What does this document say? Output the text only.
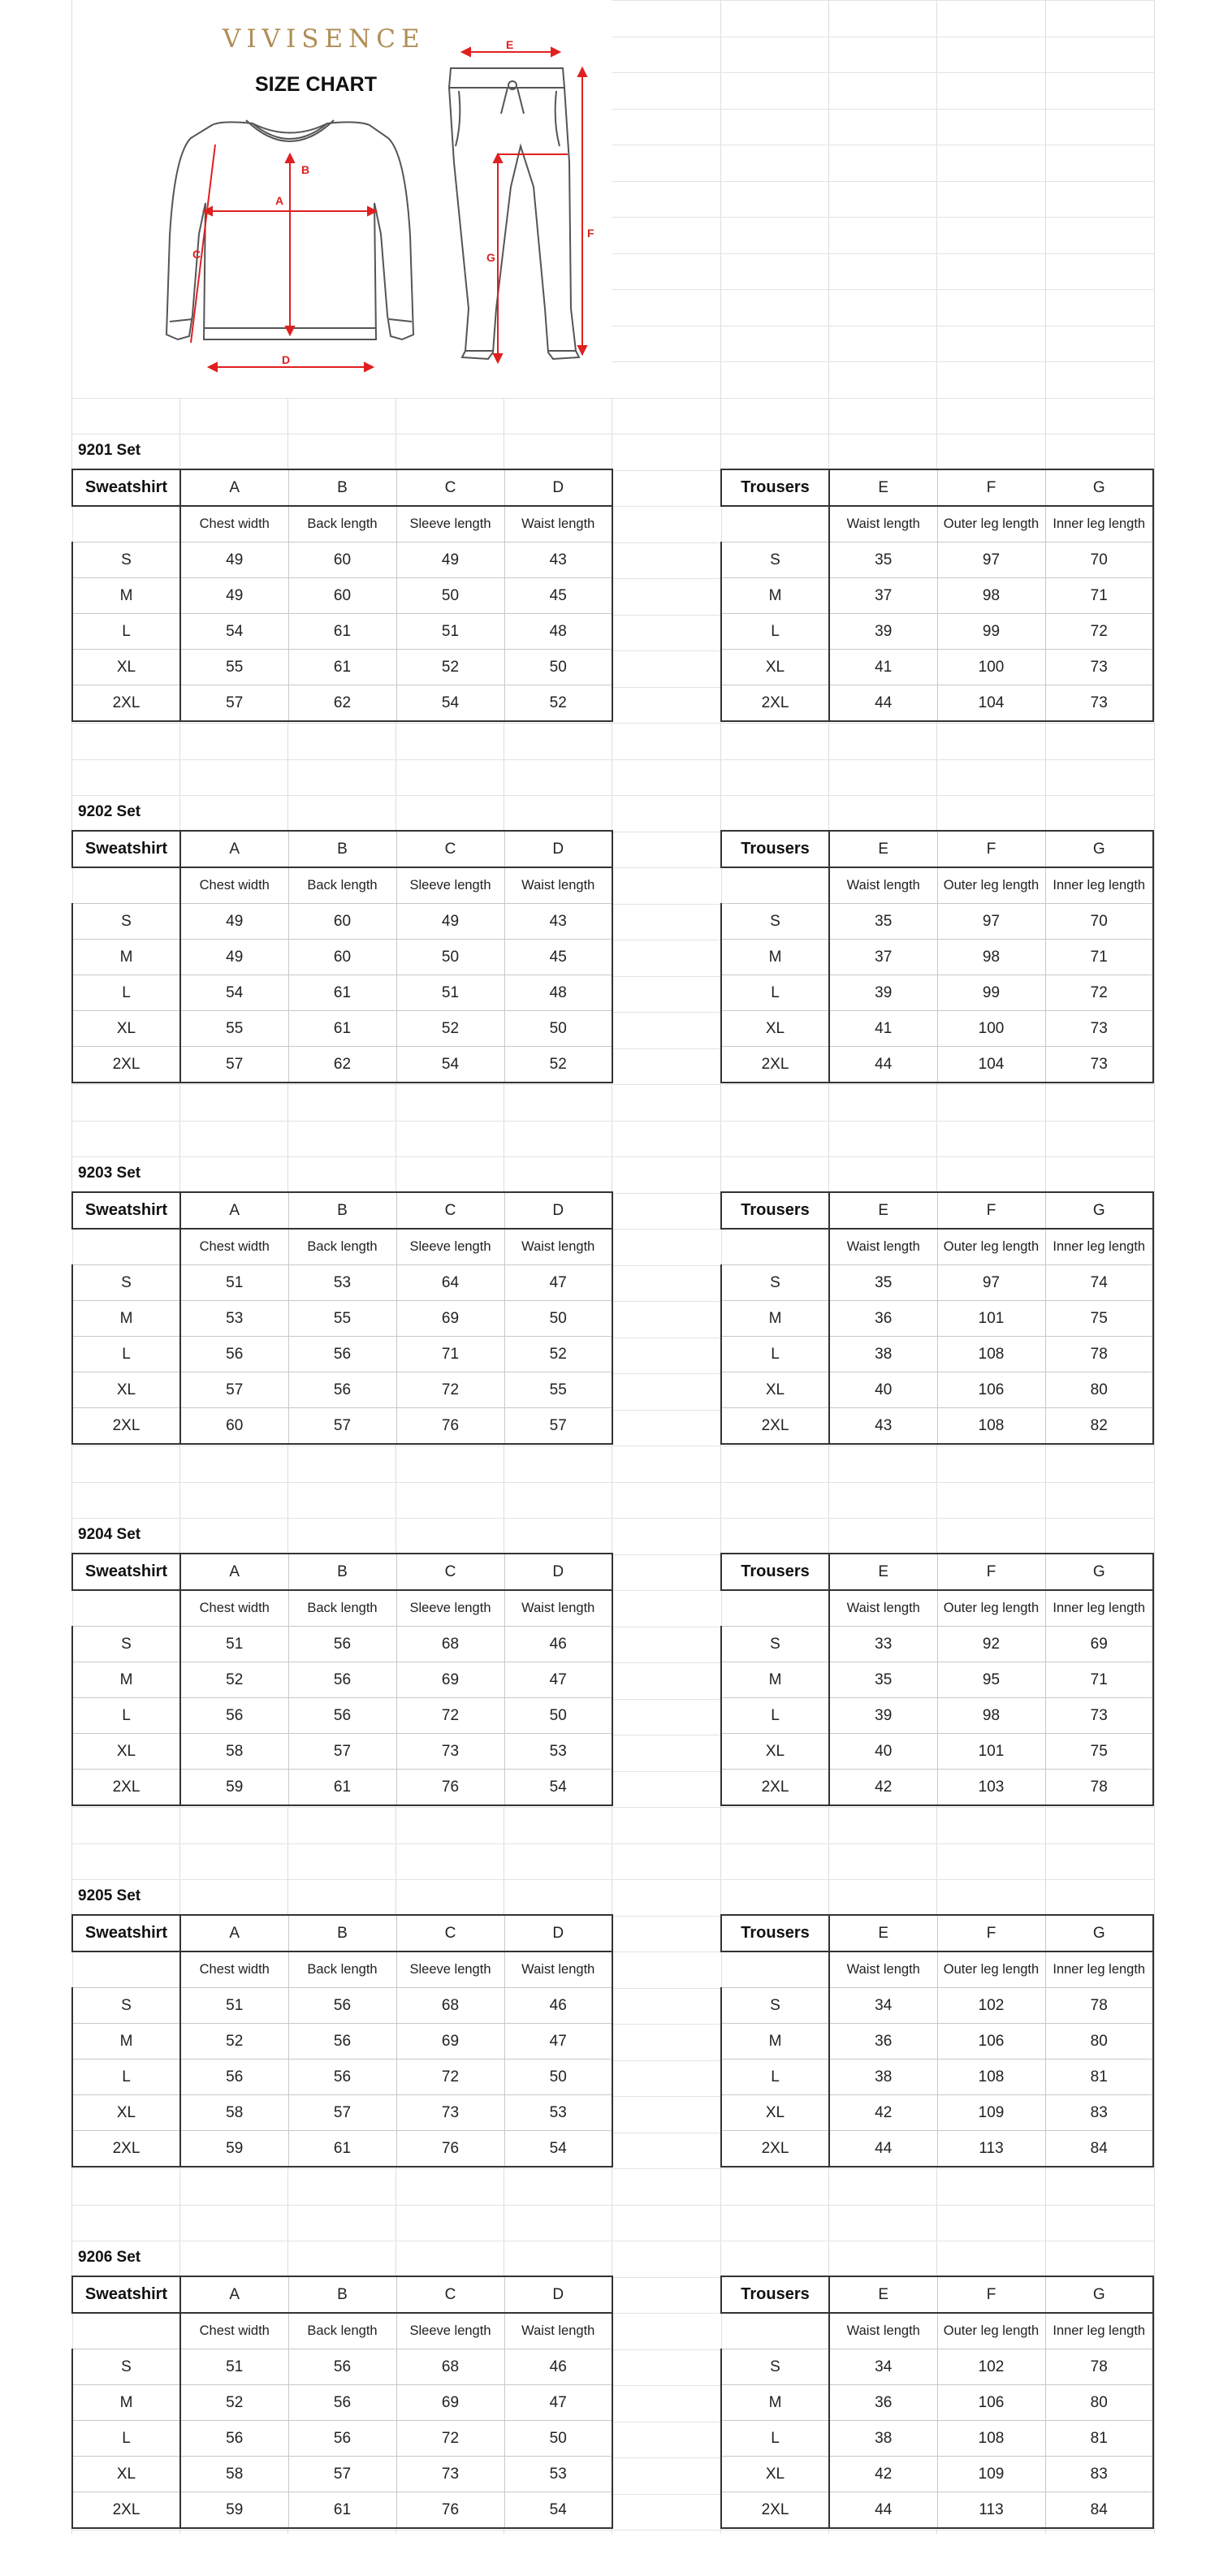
VIVISENCE
SIZE CHART
A
B
C
D
E
F
G
9201 Set
Sweatshirt	A	B	C	D
	Chest width	Back length	Sleeve length	Waist length
S	49	60	49	43
M	49	60	50	45
L	54	61	51	48
XL	55	61	52	50
2XL	57	62	54	52
Trousers	E	F	G
	Waist length	Outer leg length	Inner leg length
S	35	97	70
M	37	98	71
L	39	99	72
XL	41	100	73
2XL	44	104	73
9202 Set
Sweatshirt	A	B	C	D
	Chest width	Back length	Sleeve length	Waist length
S	49	60	49	43
M	49	60	50	45
L	54	61	51	48
XL	55	61	52	50
2XL	57	62	54	52
Trousers	E	F	G
	Waist length	Outer leg length	Inner leg length
S	35	97	70
M	37	98	71
L	39	99	72
XL	41	100	73
2XL	44	104	73
9203 Set
Sweatshirt	A	B	C	D
	Chest width	Back length	Sleeve length	Waist length
S	51	53	64	47
M	53	55	69	50
L	56	56	71	52
XL	57	56	72	55
2XL	60	57	76	57
Trousers	E	F	G
	Waist length	Outer leg length	Inner leg length
S	35	97	74
M	36	101	75
L	38	108	78
XL	40	106	80
2XL	43	108	82
9204 Set
Sweatshirt	A	B	C	D
	Chest width	Back length	Sleeve length	Waist length
S	51	56	68	46
M	52	56	69	47
L	56	56	72	50
XL	58	57	73	53
2XL	59	61	76	54
Trousers	E	F	G
	Waist length	Outer leg length	Inner leg length
S	33	92	69
M	35	95	71
L	39	98	73
XL	40	101	75
2XL	42	103	78
9205 Set
Sweatshirt	A	B	C	D
	Chest width	Back length	Sleeve length	Waist length
S	51	56	68	46
M	52	56	69	47
L	56	56	72	50
XL	58	57	73	53
2XL	59	61	76	54
Trousers	E	F	G
	Waist length	Outer leg length	Inner leg length
S	34	102	78
M	36	106	80
L	38	108	81
XL	42	109	83
2XL	44	113	84
9206 Set
Sweatshirt	A	B	C	D
	Chest width	Back length	Sleeve length	Waist length
S	51	56	68	46
M	52	56	69	47
L	56	56	72	50
XL	58	57	73	53
2XL	59	61	76	54
Trousers	E	F	G
	Waist length	Outer leg length	Inner leg length
S	34	102	78
M	36	106	80
L	38	108	81
XL	42	109	83
2XL	44	113	84
